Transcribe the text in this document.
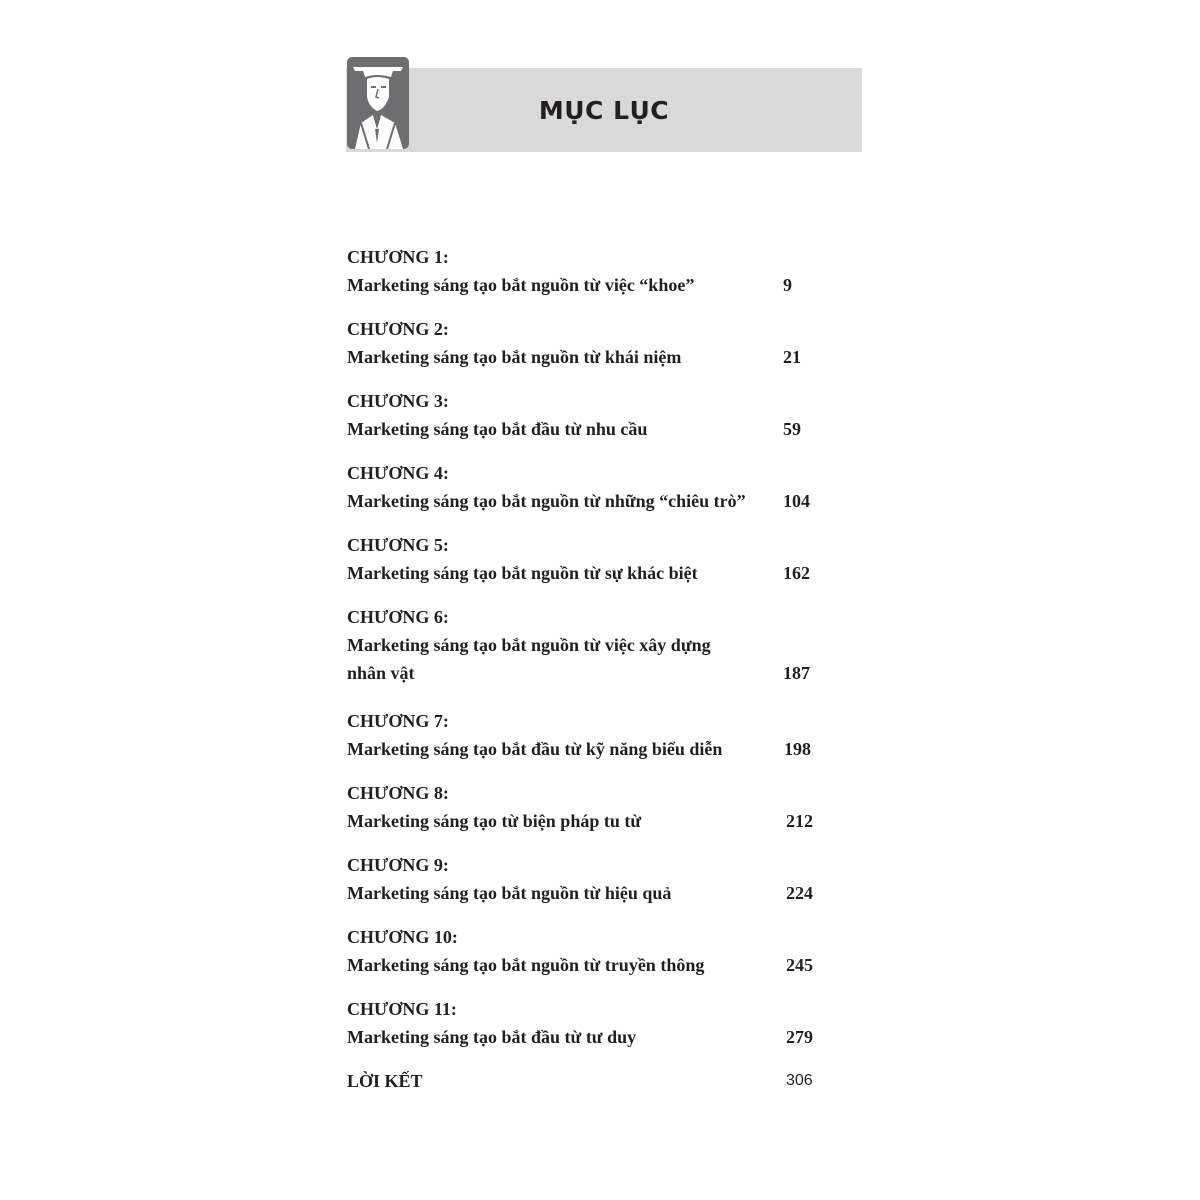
MỤC LỤC
CHƯƠNG 1:
Marketing sáng tạo bắt nguồn từ việc “khoe”	9
CHƯƠNG 2:
Marketing sáng tạo bắt nguồn từ khái niệm	21
CHƯƠNG 3:
Marketing sáng tạo bắt đầu từ nhu cầu	59
CHƯƠNG 4:
Marketing sáng tạo bắt nguồn từ những “chiêu trò”	104
CHƯƠNG 5:
Marketing sáng tạo bắt nguồn từ sự khác biệt	162
CHƯƠNG 6:
Marketing sáng tạo bắt nguồn từ việc xây dựng
nhân vật	187
CHƯƠNG 7:
Marketing sáng tạo bắt đầu từ kỹ năng biểu diễn	198
CHƯƠNG 8:
Marketing sáng tạo từ biện pháp tu từ	212
CHƯƠNG 9:
Marketing sáng tạo bắt nguồn từ hiệu quả	224
CHƯƠNG 10:
Marketing sáng tạo bắt nguồn từ truyền thông	245
CHƯƠNG 11:
Marketing sáng tạo bắt đầu từ tư duy	279
LỜI KẾT	306
